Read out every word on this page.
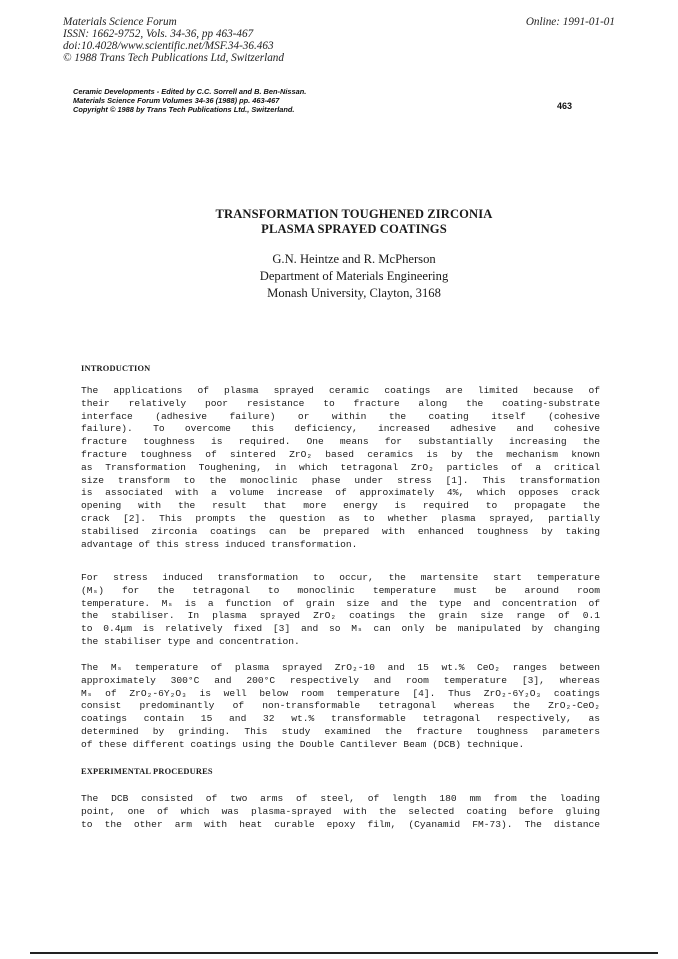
Materials Science Forum
ISSN: 1662-9752, Vols. 34-36, pp 463-467
doi:10.4028/www.scientific.net/MSF.34-36.463
© 1988 Trans Tech Publications Ltd, Switzerland
Online: 1991-01-01
Ceramic Developments - Edited by C.C. Sorrell and B. Ben-Nissan.
Materials Science Forum Volumes 34-36 (1988) pp. 463-467
Copyright © 1988 by Trans Tech Publications Ltd., Switzerland.	463
TRANSFORMATION TOUGHENED ZIRCONIA
PLASMA SPRAYED COATINGS
G.N. Heintze and R. McPherson
Department of Materials Engineering
Monash University, Clayton, 3168
INTRODUCTION
The applications of plasma sprayed ceramic coatings are limited because of
their relatively poor resistance to fracture along the coating-substrate
interface (adhesive failure) or within the coating itself (cohesive
failure). To overcome this deficiency, increased adhesive and cohesive
fracture toughness is required. One means for substantially increasing the
fracture toughness of sintered ZrO₂ based ceramics is by the mechanism known
as Transformation Toughening, in which tetragonal ZrO₂ particles of a critical
size transform to the monoclinic phase under stress [1]. This transformation
is associated with a volume increase of approximately 4%, which opposes crack
opening with the result that more energy is required to propagate the
crack [2]. This prompts the question as to whether plasma sprayed, partially
stabilised zirconia coatings can be prepared with enhanced toughness by taking
advantage of this stress induced transformation.
For stress induced transformation to occur, the martensite start temperature
(Mₛ) for the tetragonal to monoclinic temperature must be around room
temperature. Mₛ is a function of grain size and the type and concentration of
the stabiliser. In plasma sprayed ZrO₂ coatings the grain size range of 0.1
to 0.4μm is relatively fixed [3] and so Mₛ can only be manipulated by changing
the stabiliser type and concentration.
The Mₛ temperature of plasma sprayed ZrO₂-10 and 15 wt.% CeO₂ ranges between
approximately 300°C and 200°C respectively and room temperature [3], whereas
Mₛ of ZrO₂-6Y₂O₃ is well below room temperature [4]. Thus ZrO₂-6Y₂O₃ coatings
consist predominantly of non-transformable tetragonal whereas the ZrO₂-CeO₂
coatings contain 15 and 32 wt.% transformable tetragonal respectively, as
determined by grinding. This study examined the fracture toughness parameters
of these different coatings using the Double Cantilever Beam (DCB) technique.
EXPERIMENTAL PROCEDURES
The DCB consisted of two arms of steel, of length 180 mm from the loading
point, one of which was plasma-sprayed with the selected coating before gluing
to the other arm with heat curable epoxy film, (Cyanamid FM-73). The distance
